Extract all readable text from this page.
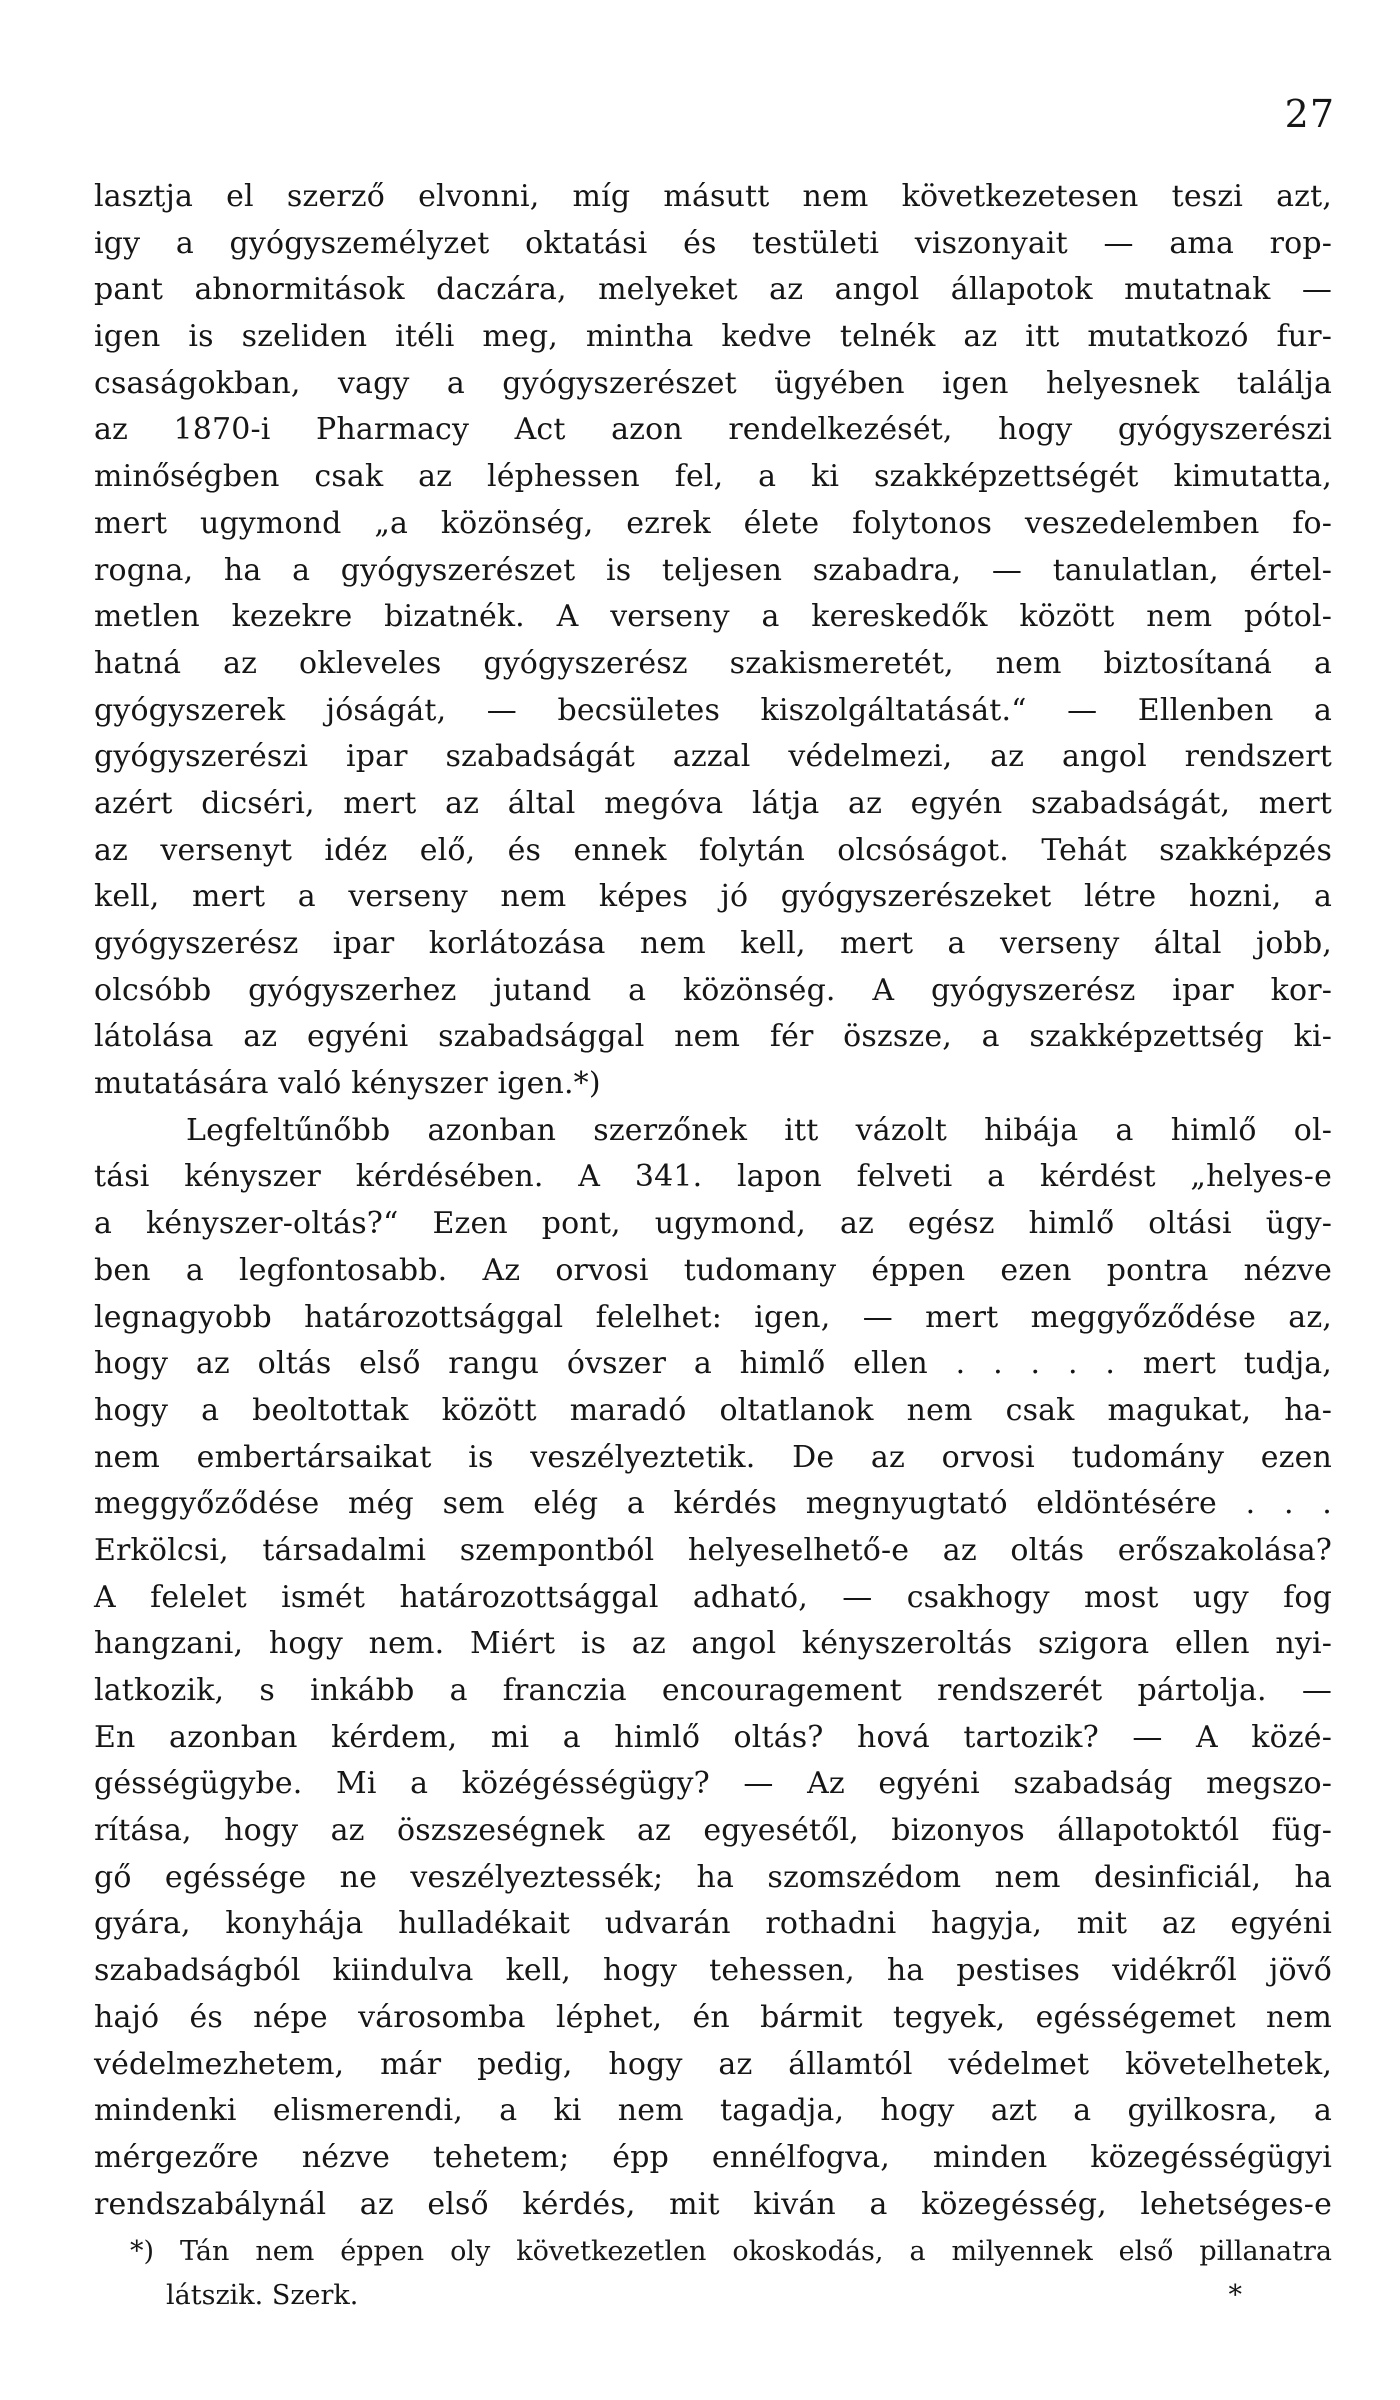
27
lasztja el szerző elvonni, míg másutt nem következetesen teszi azt,
igy a gyógyszemélyzet oktatási és testületi viszonyait — ama rop-
pant abnormitások daczára, melyeket az angol állapotok mutatnak —
igen is szeliden itéli meg, mintha kedve telnék az itt mutatkozó fur-
csaságokban, vagy a gyógyszerészet ügyében igen helyesnek találja
az 1870-i Pharmacy Act azon rendelkezését, hogy gyógyszerészi
minőségben csak az léphessen fel, a ki szakképzettségét kimutatta,
mert ugymond „a közönség, ezrek élete folytonos veszedelemben fo-
rogna, ha a gyógyszerészet is teljesen szabadra, — tanulatlan, értel-
metlen kezekre bizatnék. A verseny a kereskedők között nem pótol-
hatná az okleveles gyógyszerész szakismeretét, nem biztosítaná a
gyógyszerek jóságát, — becsületes kiszolgáltatását.“ — Ellenben a
gyógyszerészi ipar szabadságát azzal védelmezi, az angol rendszert
azért dicséri, mert az által megóva látja az egyén szabadságát, mert
az versenyt idéz elő, és ennek folytán olcsóságot. Tehát szakképzés
kell, mert a verseny nem képes jó gyógyszerészeket létre hozni, a
gyógyszerész ipar korlátozása nem kell, mert a verseny által jobb,
olcsóbb gyógyszerhez jutand a közönség. A gyógyszerész ipar kor-
látolása az egyéni szabadsággal nem fér öszsze, a szakképzettség ki-
mutatására való kényszer igen.*)
Legfeltűnőbb azonban szerzőnek itt vázolt hibája a himlő ol-
tási kényszer kérdésében. A 341. lapon felveti a kérdést „helyes-e
a kényszer-oltás?“ Ezen pont, ugymond, az egész himlő oltási ügy-
ben a legfontosabb. Az orvosi tudomany éppen ezen pontra nézve
legnagyobb határozottsággal felelhet: igen, — mert meggyőződése az,
hogy az oltás első rangu óvszer a himlő ellen . . . . . mert tudja,
hogy a beoltottak között maradó oltatlanok nem csak magukat, ha-
nem embertársaikat is veszélyeztetik. De az orvosi tudomány ezen
meggyőződése még sem elég a kérdés megnyugtató eldöntésére . . .
Erkölcsi, társadalmi szempontból helyeselhető-e az oltás erőszakolása?
A felelet ismét határozottsággal adható, — csakhogy most ugy fog
hangzani, hogy nem. Miért is az angol kényszeroltás szigora ellen nyi-
latkozik, s inkább a franczia encouragement rendszerét pártolja. —
En azonban kérdem, mi a himlő oltás? hová tartozik? — A közé-
gésségügybe. Mi a közégésségügy? — Az egyéni szabadság megszo-
rítása, hogy az öszszeségnek az egyesétől, bizonyos állapotoktól füg-
gő egéssége ne veszélyeztessék; ha szomszédom nem desinficiál, ha
gyára, konyhája hulladékait udvarán rothadni hagyja, mit az egyéni
szabadságból kiindulva kell, hogy tehessen, ha pestises vidékről jövő
hajó és népe városomba léphet, én bármit tegyek, egésségemet nem
védelmezhetem, már pedig, hogy az államtól védelmet követelhetek,
mindenki elismerendi, a ki nem tagadja, hogy azt a gyilkosra, a
mérgezőre nézve tehetem; épp ennélfogva, minden közegésségügyi
rendszabálynál az első kérdés, mit kiván a közegésség, lehetséges-e
*) Tán nem éppen oly következetlen okoskodás, a milyennek első pillanatra
látszik. Szerk.	*
